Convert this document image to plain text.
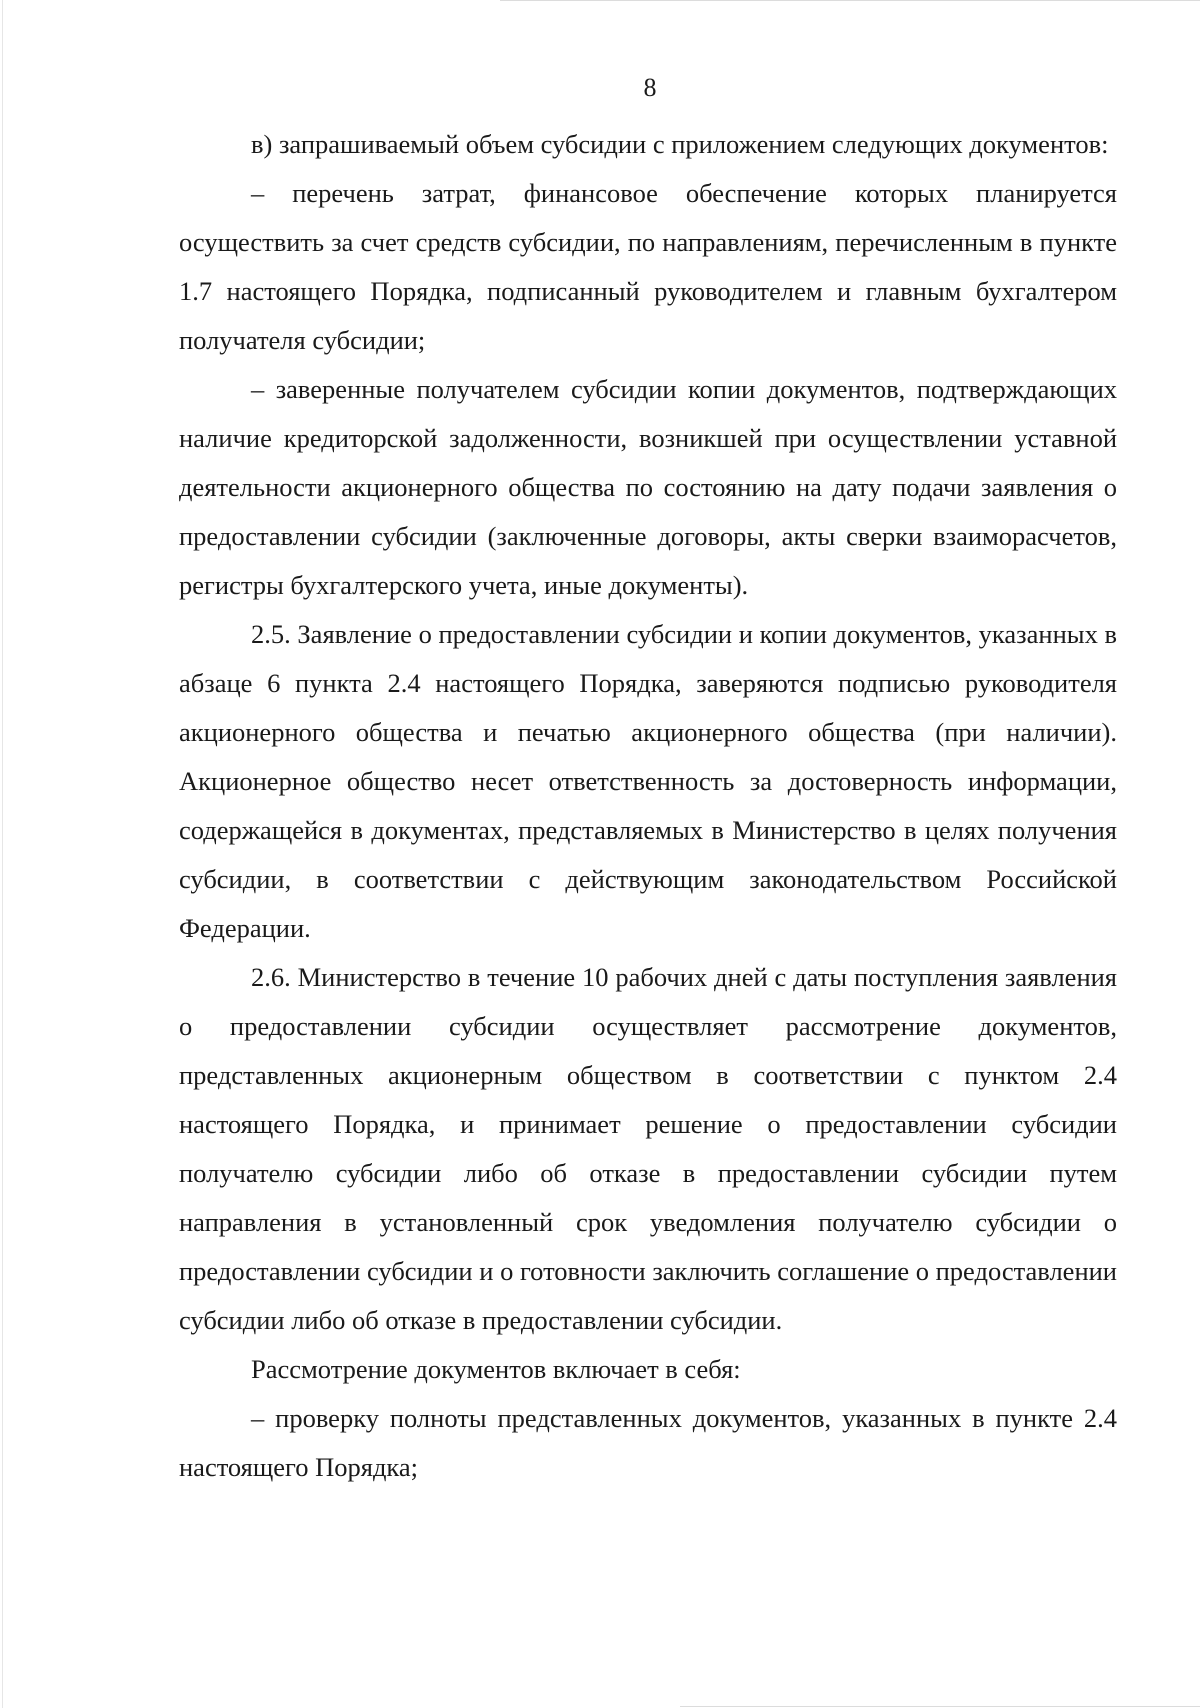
8

в) запрашиваемый объем субсидии с приложением следующих документов:

– перечень затрат, финансовое обеспечение которых планируется осуществить за счет средств субсидии, по направлениям, перечисленным в пункте 1.7 настоящего Порядка, подписанный руководителем и главным бухгалтером получателя субсидии;

– заверенные получателем субсидии копии документов, подтверждающих наличие кредиторской задолженности, возникшей при осуществлении уставной деятельности акционерного общества по состоянию на дату подачи заявления о предоставлении субсидии (заключенные договоры, акты сверки взаиморасчетов, регистры бухгалтерского учета, иные документы).

2.5. Заявление о предоставлении субсидии и копии документов, указанных в абзаце 6 пункта 2.4 настоящего Порядка, заверяются подписью руководителя акционерного общества и печатью акционерного общества (при наличии). Акционерное общество несет ответственность за достоверность информации, содержащейся в документах, представляемых в Министерство в целях получения субсидии, в соответствии с действующим законодательством Российской Федерации.

2.6. Министерство в течение 10 рабочих дней с даты поступления заявления о предоставлении субсидии осуществляет рассмотрение документов, представленных акционерным обществом в соответствии с пунктом 2.4 настоящего Порядка, и принимает решение о предоставлении субсидии получателю субсидии либо об отказе в предоставлении субсидии путем направления в установленный срок уведомления получателю субсидии о предоставлении субсидии и о готовности заключить соглашение о предоставлении субсидии либо об отказе в предоставлении субсидии.

Рассмотрение документов включает в себя:

– проверку полноты представленных документов, указанных в пункте 2.4 настоящего Порядка;
